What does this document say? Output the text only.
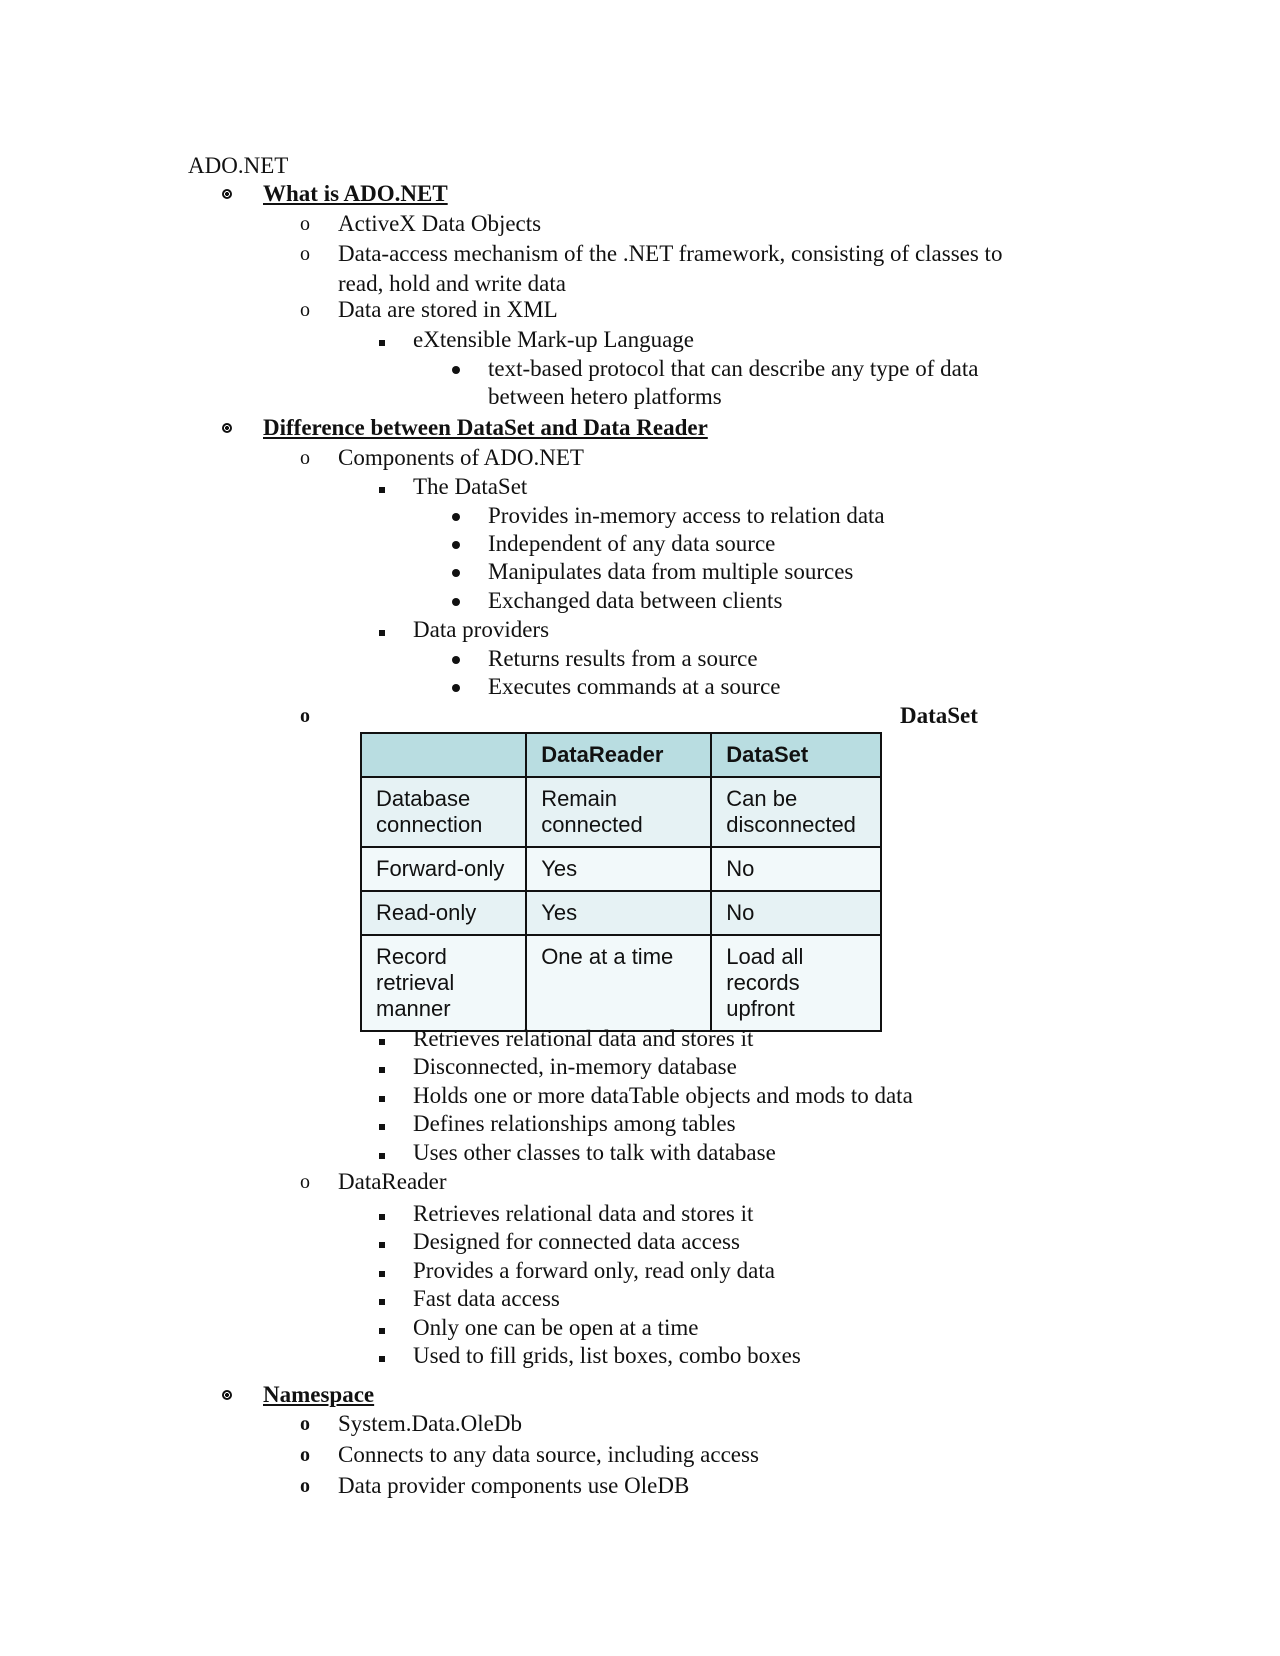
ADO.NET
What is ADO.NET
o ActiveX Data Objects
o Data-access mechanism of the .NET framework, consisting of classes to
read, hold and write data
o Data are stored in XML
eXtensible Mark-up Language
text-based protocol that can describe any type of data
between hetero platforms
Difference between DataSet and Data Reader
o Components of ADO.NET
The DataSet
Provides in-memory access to relation data
Independent of any data source
Manipulates data from multiple sources
Exchanged data between clients
Data providers
Returns results from a source
Executes commands at a source
o	DataSet
	DataReader	DataSet
Database connection	Remain connected	Can be disconnected
Forward-only	Yes	No
Read-only	Yes	No
Record retrieval manner	One at a time	Load all records upfront
Retrieves relational data and stores it
Disconnected, in-memory database
Holds one or more dataTable objects and mods to data
Defines relationships among tables
Uses other classes to talk with database
o DataReader
Retrieves relational data and stores it
Designed for connected data access
Provides a forward only, read only data
Fast data access
Only one can be open at a time
Used to fill grids, list boxes, combo boxes
Namespace
o System.Data.OleDb
o Connects to any data source, including access
o Data provider components use OleDB
